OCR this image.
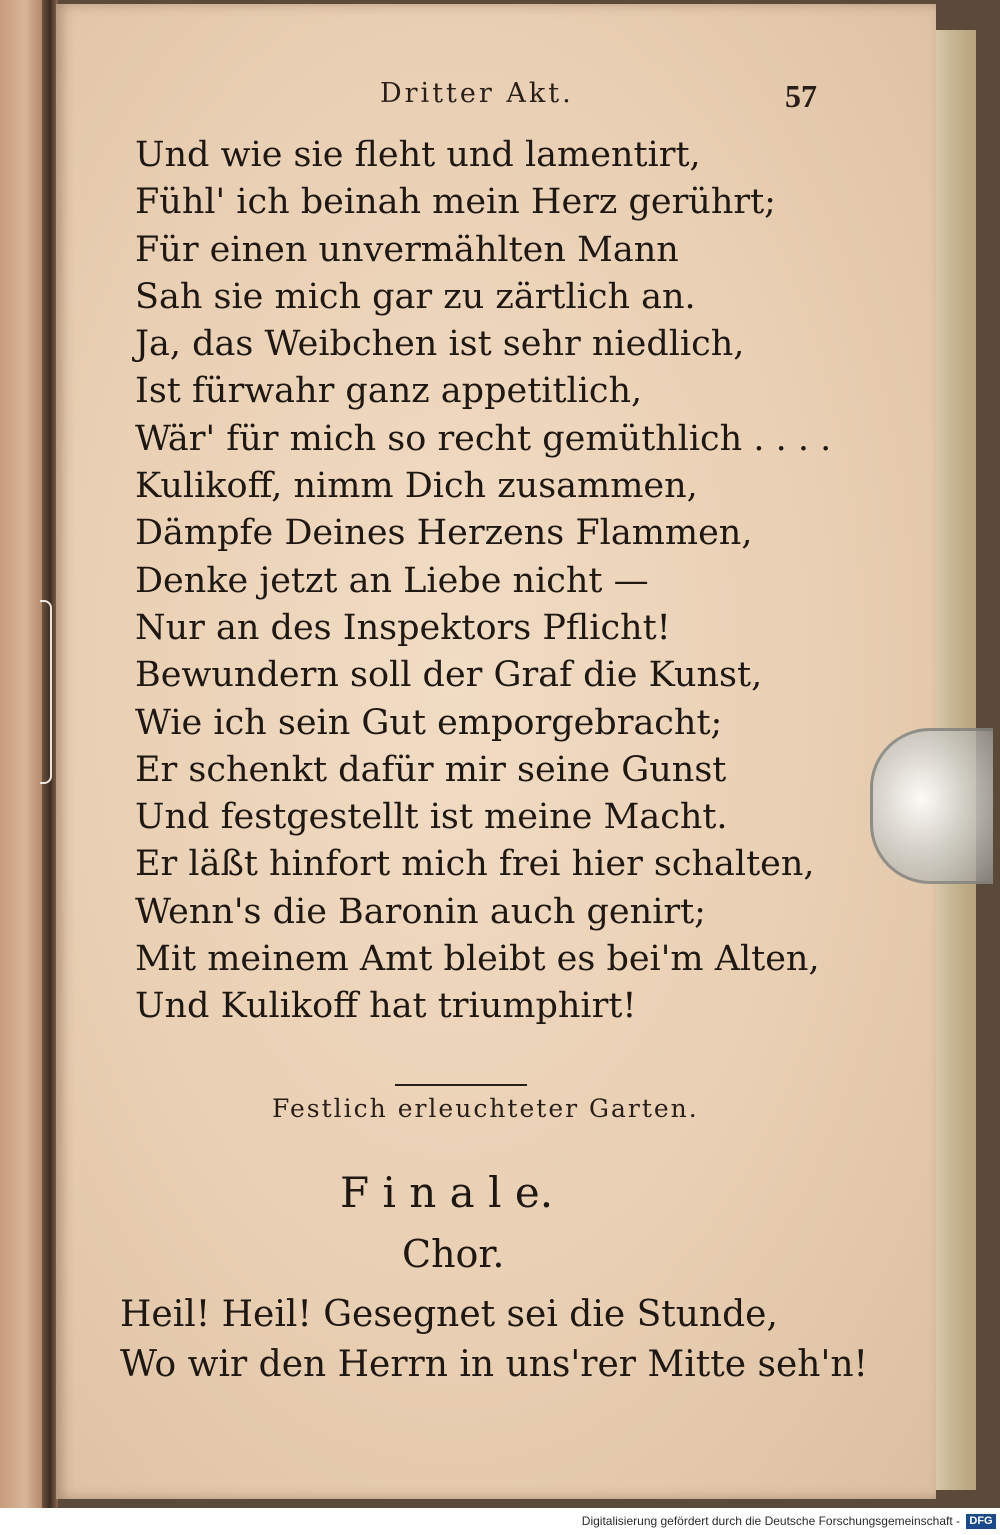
Dritter Akt.	57
Und wie sie fleht und lamentirt,
Fühl' ich beinah mein Herz gerührt;
Für einen unvermählten Mann
Sah sie mich gar zu zärtlich an.
Ja, das Weibchen ist sehr niedlich,
Ist fürwahr ganz appetitlich,
Wär' für mich so recht gemüthlich . . . .
Kulikoff, nimm Dich zusammen,
Dämpfe Deines Herzens Flammen,
Denke jetzt an Liebe nicht —
Nur an des Inspektors Pflicht!
Bewundern soll der Graf die Kunst,
Wie ich sein Gut emporgebracht;
Er schenkt dafür mir seine Gunst
Und festgestellt ist meine Macht.
Er läßt hinfort mich frei hier schalten,
Wenn's die Baronin auch genirt;
Mit meinem Amt bleibt es bei'm Alten,
Und Kulikoff hat triumphirt!
Festlich erleuchteter Garten.
F i n a l e.
Chor.
Heil! Heil! Gesegnet sei die Stunde,
Wo wir den Herrn in uns'rer Mitte seh'n!
Digitalisierung gefördert durch die Deutsche Forschungsgemeinschaft - DFG
